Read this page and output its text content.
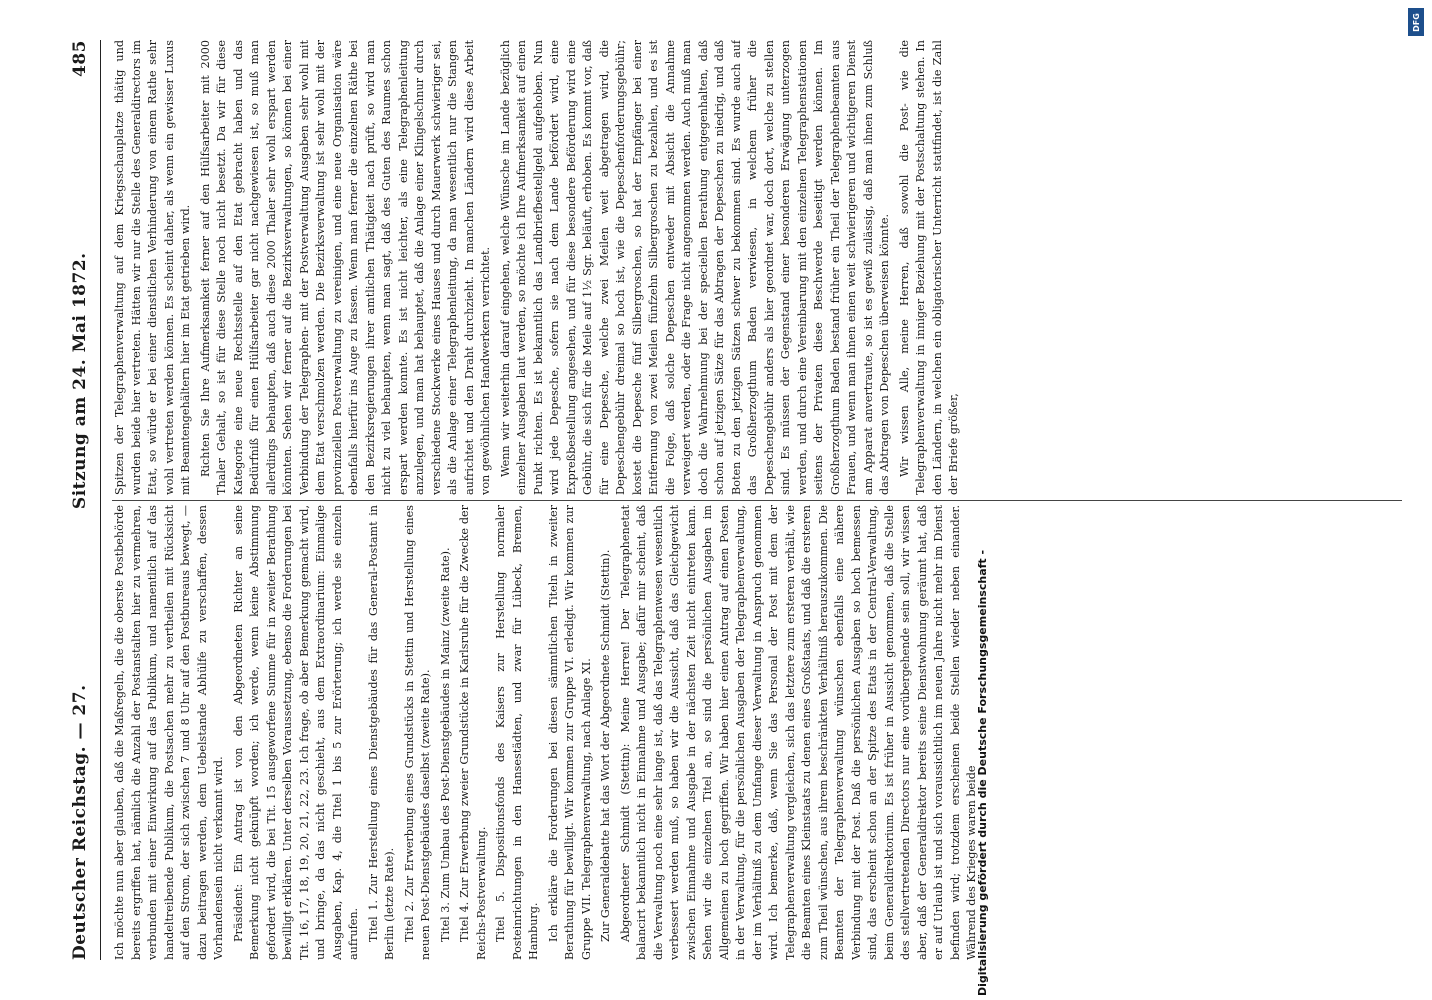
Deutscher Reichstag. — 27.
Sitzung am 24. Mai 1872.
485

Ich möchte nun aber glauben, daß die Maßregeln, die die oberste Postbehörde bereits ergriffen hat, nämlich die Anzahl der Postanstalten hier zu vermehren, verbunden mit einer Einwirkung auf das Publikum, und namentlich auf das handeltreibende Publikum, die Postsachen mehr zu vertheilen mit Rücksicht auf den Strom, der sich zwischen 7 und 8 Uhr auf den Postbureaus bewegt, — dazu beitragen werden, dem Uebelstande Abhülfe zu verschaffen, dessen Vorhandensein nicht verkannt wird. Präsident: Ein Antrag ist von den Abgeordneten Richter an seine Bemerkung nicht geknüpft worden; ich werde, wenn keine Abstimmung gefordert wird, die bei Tit. 15 ausgeworfene Summe für in zweiter Berathung bewilligt erklären. Unter derselben Voraussetzung, ebenso die Forderungen bei Tit. 16, 17, 18, 19, 20, 21, 22, 23. Ich frage, ob aber Bemerkung gemacht wird, und bringe, da das nicht geschieht, aus dem Extraordinarium: Einmalige Ausgaben, Kap. 4, die Titel 1 bis 5 zur Erörterung; ich werde sie einzeln aufrufen. Titel 1. Zur Herstellung eines Dienstgebäudes für das General-Postamt in Berlin (letzte Rate). Titel 2. Zur Erwerbung eines Grundstücks in Stettin und Herstellung eines neuen Post-Dienstgebäudes daselbst (zweite Rate). Titel 3. Zum Umbau des Post-Dienstgebäudes in Mainz (zweite Rate). Titel 4. Zur Erwerbung zweier Grundstücke in Karlsruhe für die Zwecke der Reichs-Postverwaltung. Titel 5. Dispositionsfonds des Kaisers zur Herstellung normaler Posteinrichtungen in den Hansestädten, und zwar für Lübeck, Bremen, Hamburg. Ich erkläre die Forderungen bei diesen sämmtlichen Titeln in zweiter Berathung für bewilligt. Wir kommen zur Gruppe VI. erledigt. Wir kommen zur Gruppe VII. Telegraphenverwaltung, nach Anlage XI. Zur Generaldebatte hat das Wort der Abgeordnete Schmidt (Stettin). Abgeordneter Schmidt (Stettin): Meine Herren! Der Telegraphenetat balancirt bekanntlich nicht in Einnahme und Ausgabe; dafür mir scheint, daß die Verwaltung noch eine sehr lange ist, daß das Telegraphenwesen wesentlich verbessert werden muß, so haben wir die Aussicht, daß das Gleichgewicht zwischen Einnahme und Ausgabe in der nächsten Zeit nicht eintreten kann. Sehen wir die einzelnen Titel an, so sind die persönlichen Ausgaben im Allgemeinen zu hoch gegriffen. Wir haben hier einen Antrag auf einen Posten in der Verwaltung, für die persönlichen Ausgaben der Telegraphenverwaltung, der im Verhältniß zu dem Umfange dieser Verwaltung in Anspruch genommen wird. Ich bemerke, daß, wenn Sie das Personal der Post mit dem der Telegraphenverwaltung vergleichen, sich das letztere zum ersteren verhält, wie die Beamten eines Kleinstaats zu denen eines Großstaats, und daß die ersteren zum Theil wünschen, aus ihrem beschränkten Verhältniß herauszukommen. Die Beamten der Telegraphenverwaltung wünschen ebenfalls eine nähere Verbindung mit der Post. Daß die persönlichen Ausgaben so hoch bemessen sind, das erscheint schon an der Spitze des Etats in der Central-Verwaltung, beim Generaldirektorium. Es ist früher in Aussicht genommen, daß die Stelle des stellvertretenden Directors nur eine vorübergehende sein soll, wir wissen aber, daß der Generaldirektor bereits seine Dienstwohnung geräumt hat, daß er auf Urlaub ist und sich voraussichtlich im neuen Jahre nicht mehr im Dienst befinden wird; trotzdem erscheinen beide Stellen wieder neben einander. Während des Krieges waren beide

Spitzen der Telegraphenverwaltung auf dem Kriegsschauplatze thätig und wurden beide hier vertreten. Hätten wir nur die Stelle des Generaldirectors im Etat, so würde er bei einer dienstlichen Verhinderung von einem Rathe sehr wohl vertreten werden können. Es scheint daher, als wenn ein gewisser Luxus mit Beamtengehältern hier im Etat getrieben wird. Richten Sie Ihre Aufmerksamkeit ferner auf den Hülfsarbeiter mit 2000 Thaler Gehalt, so ist für diese Stelle noch nicht besetzt. Da wir für diese Kategorie eine neue Rechtsstelle auf den Etat gebracht haben und das Bedürfniß für einen Hülfsarbeiter gar nicht nachgewiesen ist, so muß man allerdings behaupten, daß auch diese 2000 Thaler sehr wohl erspart werden könnten. Sehen wir ferner auf die Bezirksverwaltungen, so können bei einer Verbindung der Telegraphen- mit der Postverwaltung Ausgaben sehr wohl mit dem Etat verschmolzen werden. Die Bezirksverwaltung ist sehr wohl mit der provinziellen Postverwaltung zu vereinigen, und eine neue Organisation wäre ebenfalls hierfür ins Auge zu fassen. Wenn man ferner die einzelnen Räthe bei den Bezirksregierungen ihrer amtlichen Thätigkeit nach prüft, so wird man nicht zu viel behaupten, wenn man sagt, daß des Guten des Raumes schon erspart werden konnte. Es ist nicht leichter, als eine Telegraphenleitung anzulegen, und man hat behauptet, daß die Anlage einer Klingelschnur durch verschiedene Stockwerke eines Hauses und durch Mauerwerk schwieriger sei, als die Anlage einer Telegraphenleitung, da man wesentlich nur die Stangen aufrichtet und den Draht durchzieht. In manchen Ländern wird diese Arbeit von gewöhnlichen Handwerkern verrichtet. Wenn wir weiterhin darauf eingehen, welche Wünsche im Lande bezüglich einzelner Ausgaben laut werden, so möchte ich Ihre Aufmerksamkeit auf einen Punkt richten. Es ist bekanntlich das Landbriefbestellgeld aufgehoben. Nun wird jede Depesche, sofern sie nach dem Lande befördert wird, eine Expreßbestellung angesehen, und für diese besondere Beförderung wird eine Gebühr, die sich für die Meile auf 1½ Sgr. beläuft, erhoben. Es kommt vor, daß für eine Depesche, welche zwei Meilen weit abgetragen wird, die Depeschengebühr dreimal so hoch ist, wie die Depeschenforderungsgebühr; kostet die Depesche fünf Silbergroschen, so hat der Empfänger bei einer Entfernung von zwei Meilen fünfzehn Silbergroschen zu bezahlen, und es ist die Folge, daß solche Depeschen entweder mit Absicht die Annahme verweigert werden, oder die Frage nicht angenommen werden. Auch muß man doch die Wahrnehmung bei der speciellen Berathung entgegenhalten, daß schon auf jetzigen Sätze für das Abtragen der Depeschen zu niedrig, und daß Boten zu den jetzigen Sätzen schwer zu bekommen sind. Es wurde auch auf das Großherzogthum Baden verwiesen, in welchem früher die Depeschengebühr anders als hier geordnet war, doch dort, welche zu stellen sind. Es müssen der Gegenstand einer besonderen Erwägung unterzogen werden, und durch eine Vereinbarung mit den einzelnen Telegraphenstationen seitens der Privaten diese Beschwerde beseitigt werden können. Im Großherzogthum Baden bestand früher ein Theil der Telegraphenbeamten aus Frauen, und wenn man ihnen einen weit schwierigeren und wichtigeren Dienst am Apparat anvertraute, so ist es gewiß zulässig, daß man ihnen zum Schluß das Abtragen von Depeschen überweisen könnte. Wir wissen Alle, meine Herren, daß sowohl die Post- wie die Telegraphenverwaltung in inniger Beziehung mit der Postschaltung stehen. In den Ländern, in welchen ein obligatorischer Unterricht stattfindet, ist die Zahl der Briefe größer,

DFG
Digitalisierung gefördert durch die Deutsche Forschungsgemeinschaft -
